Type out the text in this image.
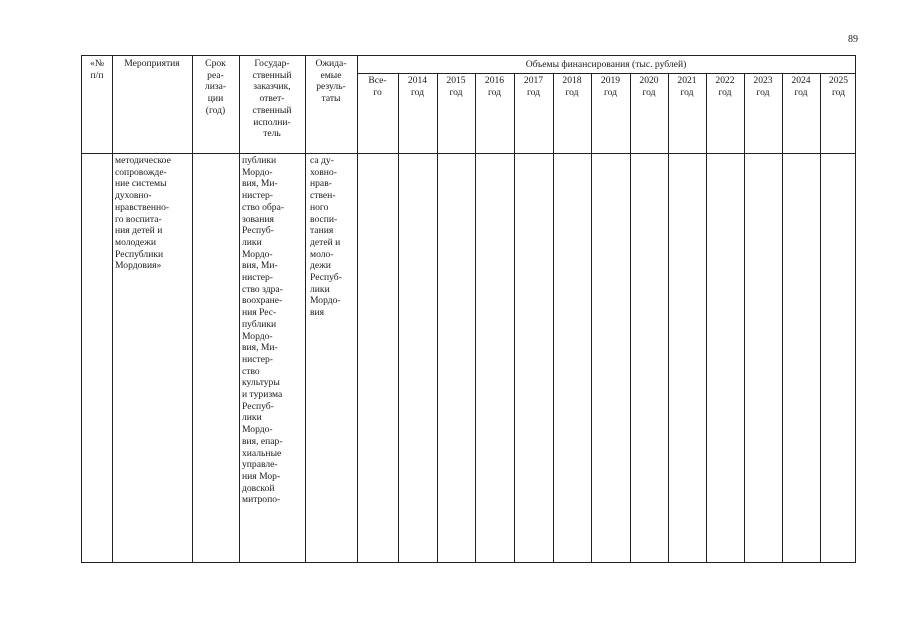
89
«№
п/п
Мероприятия	Срок
реа-
лиза-
ции
(год)
Государ-
ственный
заказчик,
ответ-
ственный
исполни-
тель
Ожида-
емые
резуль-
таты
Объемы финансирования (тыс. рублей)
Все-
го
2014
год
2015
год
2016
год
2017
год
2018
год
2019
год
2020
год
2021
год
2022
год
2023
год
2024
год
2025
год
методическое
сопровожде-
ние системы
духовно-
нравственно-
го воспита-
ния детей и
молодежи
Республики
Мордовия»
публики
Мордо-
вия, Ми-
нистер-
ство обра-
зования
Респуб-
лики
Мордо-
вия, Ми-
нистер-
ство здра-
воохране-
ния Рес-
публики
Мордо-
вия, Ми-
нистер-
ство
культуры
и туризма
Респуб-
лики
Мордо-
вия, епар-
хиальные
управле-
ния Мор-
довской
митропо-
са ду-
ховно-
нрав-
ствен-
ного
воспи-
тания
детей и
моло-
дежи
Респуб-
лики
Мордо-
вия
